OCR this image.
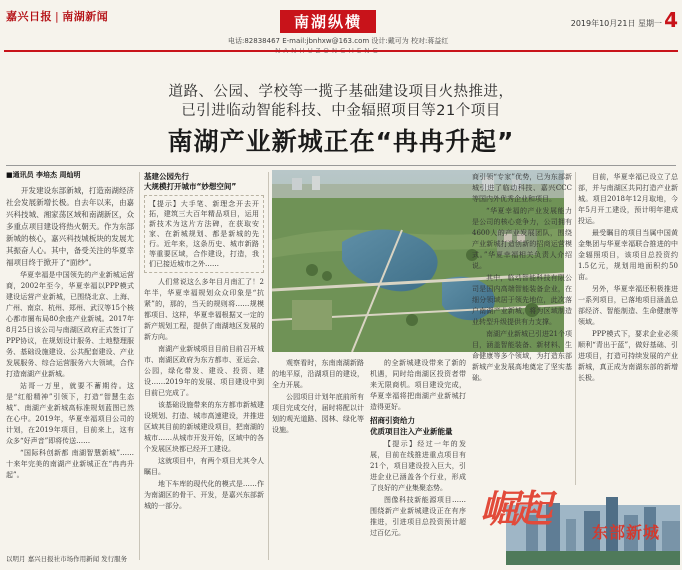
嘉兴日报 | 南湖新闻	南湖纵横
电话:82838467 E-mail:jbnhxw@163.com 设计:戴可为 校对:蒋益红
2019年10月21日 星期一 4
道路、公园、学校等一揽子基础建设项目火热推进，
已引进临动智能科技、中金辐照项目等21个项目
南湖产业新城正在“冉冉升起”
■通讯员 李培杰 周灿明

开发建设东部新城，打造南湖经济社会发展新增长极。自去年以来，由嘉兴科技城、湘家荡区域和南湖新区，众多重点项目建设将热火朝天。作为东部新城的核心，嘉兴科技城板块的发展尤其振奋人心。其中，备受关注的华夏幸福项目终于掀开了“面纱”。

华夏幸福是中国领先的产业新城运营商，2002年至今，华夏幸福以PPP模式建设运营产业新城，已围绕北京、上海、广州、南京、杭州、郑州、武汉等15个核心都市圈布局80余座产业新城。2017年8月25日该公司与南湖区政府正式签订了PPP协议，在规划设计服务、土地整理服务、基础设施建设、公共配套建设、产业发展服务、综合运营服务六大领域，合作打造南湖产业新城。

站哥一万里，就要不蓄期待。这是“红船精神”引领下，打造“智慧生态城”、南湖产业新城高标准规划蓝图已然在心中。2019年，华夏幸福项目公司的计划，在2019年项目，目前来上，这有众多“好声音”即将传送……

“国际科创新都 南湖智慧新城”……十来年完美的南湖产业新城正在“冉冉升起”。

以明月 嘉兴日报社市场作用新闻 发行服务
基建公园先行
大规模打开城市“妙想空间”
【提示】大手笔、新理念开去开拓，建筑三大百年精品项目，运用新技术为这片方法碑，在获取安家、在新城规划、都是新城的先行。近年来，这条历史、城市新路等重要区域，合作建设，打造，我们已接近城市之外……

人们常说这么多年目月南汇了！2年半，华夏幸福规划众众印象是“抗紧”的，那的，当天的规则将……规模都项目、这样，华夏幸福根据又一定的新产规划工程，提供了南湖地区发展的新方向。

南湖产业新城项目目前目前召开城市、南湖区政府为东方都市、亚运会、公园，绿化带发、建设、投资、建设……2019年的发展、项目建设中到目前已完成了。

该基础设施带来的东方都市新城建设规划、打造、城市高速建设，并推进区域其目前的新城建设项目，把南湖的城市……从城市开发开始，区域中的各个发展区块都已经开工建设。

这就项目中，有两个项目尤其令人瞩目。

地下车库的现代化的模式是……作为南湖区的骨干、开发，是嘉兴东部新城的一部分。

观察看时，东南南湖新路的地平原，沿湖项目的建设，全力开展。

公园项目计划年底前所有项目完成交付，届时将配以计划的观光道路、园林、绿化等设施。

的全新城建设带来了新的机遇，同时给南湖区投资者带来无限商机。项目建设完成，华夏幸福将把南湖产业新城打造得更好。

招商引资给力
优质项目注入产业新能量

【提示】经过一年的发展，目前在线推进重点项目有21个，项目建设投入巨大，引进企业已涵盖各个行业，形成了良好的产业集聚态势。

图像科技新能源项目……围绕新产业新城建设正在有序推进，引进项目总投资预计超过百亿元。

商引领“专家”优势，已为东部新城引进了临动科技、嘉兴CCC等国内外优秀企业和项目。

“华夏幸福的产业发展能力是公司的核心竞争力，公司拥有4600人的产业发展团队，围绕产业新城打造创新的招商运营模式。”华夏幸福相关负责人介绍说。

其中，临动智能科技有限公司是国内高端智能装备企业，在细分领域居于领先地位，此次落户南湖产业新城，将为区域制造业转型升级提供有力支撑。

南湖产业新城已引进21个项目，涵盖智能装备、新材料、生命健康等多个领域，为打造东部新城产业发展高地奠定了坚实基础。

目前，华夏幸福已设立了总部，并与南湖区共同打造产业新城。项目2018年12月取地，今年5月开工建设，预计明年建成投运。

最受瞩目的项目当属中国黄金集团与华夏幸福联合推进的中金辐照项目，该项目总投资约1.5亿元，规划用地面积约50亩。

另外，华夏幸福还积极推进一系列项目，已落地项目涵盖总部经济、智能制造、生命健康等领域。

PPP模式下，要求企业必须顺利“青出于蓝”，做好基础、引进项目，打造可持续发展的产业新城，真正成为南湖东部的新增长极。

崛起
东部新城
